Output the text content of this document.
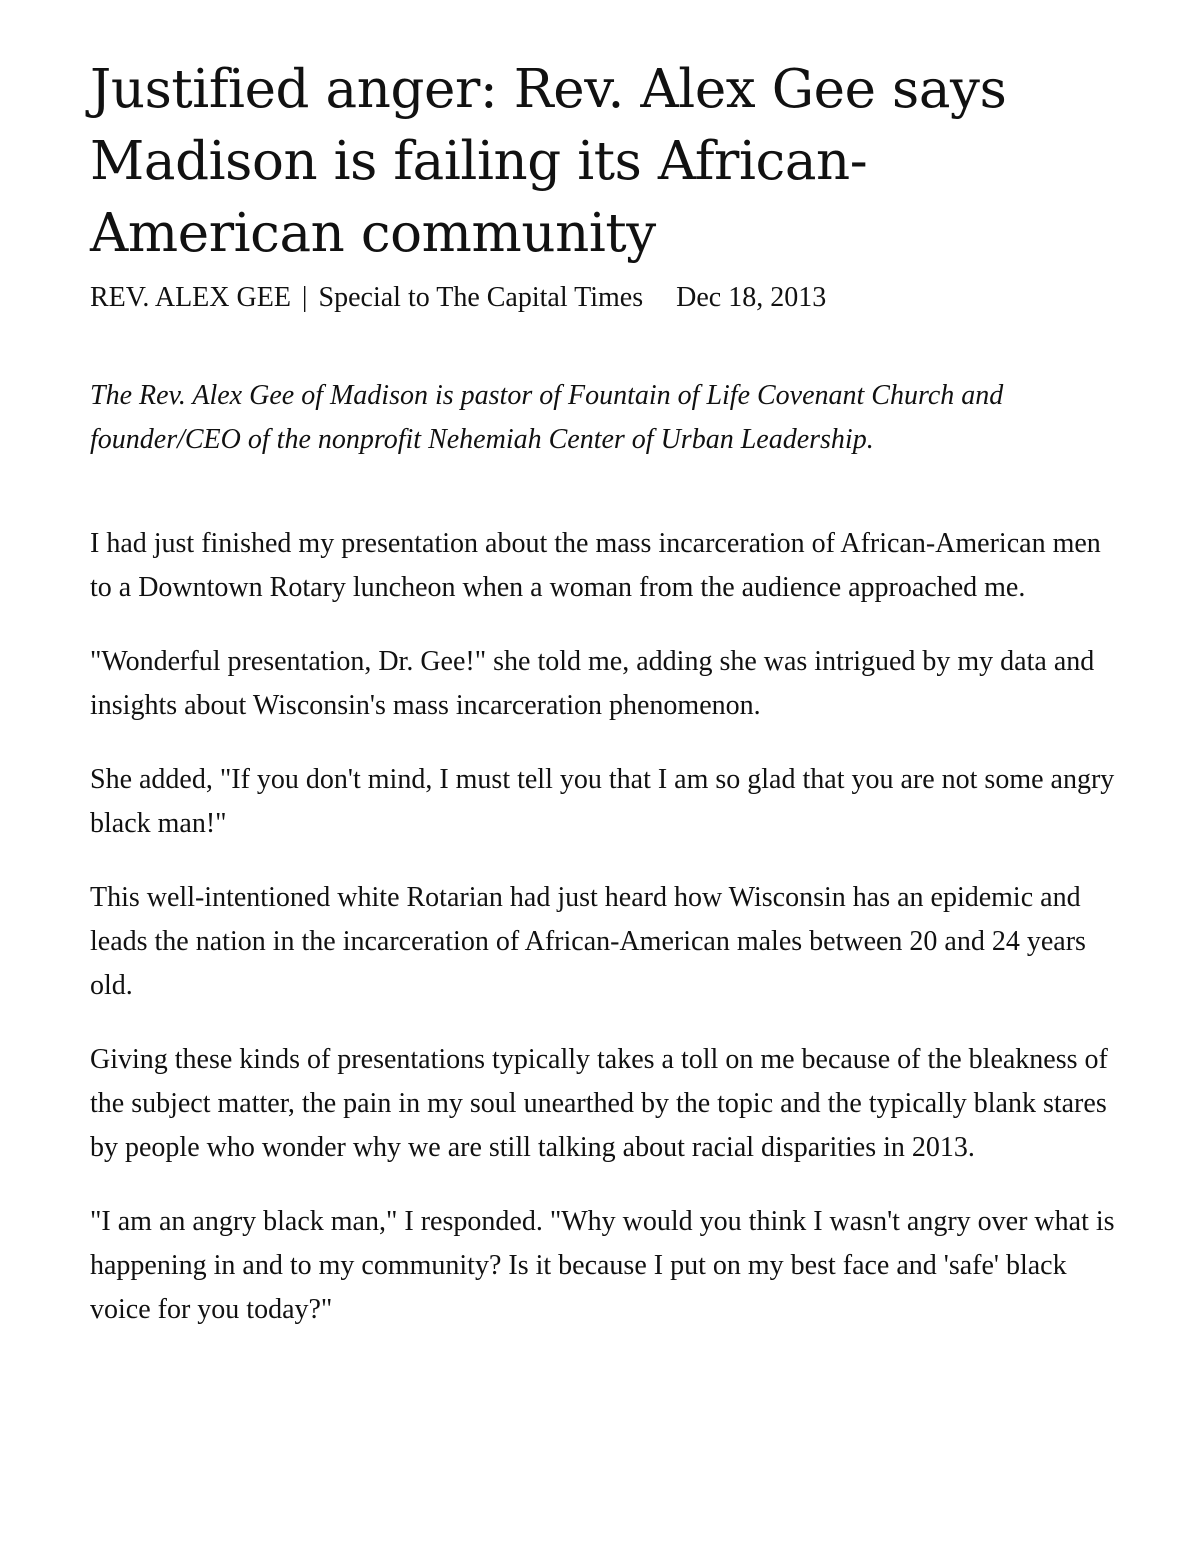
Justified anger: Rev. Alex Gee says Madison is failing its African-American community
REV. ALEX GEE | Special to The Capital Times Dec 18, 2013

The Rev. Alex Gee of Madison is pastor of Fountain of Life Covenant Church and founder/CEO of the nonprofit Nehemiah Center of Urban Leadership.

I had just finished my presentation about the mass incarceration of African-American men to a Downtown Rotary luncheon when a woman from the audience approached me.

"Wonderful presentation, Dr. Gee!" she told me, adding she was intrigued by my data and insights about Wisconsin's mass incarceration phenomenon.

She added, "If you don't mind, I must tell you that I am so glad that you are not some angry black man!"

This well-intentioned white Rotarian had just heard how Wisconsin has an epidemic and leads the nation in the incarceration of African-American males between 20 and 24 years old.

Giving these kinds of presentations typically takes a toll on me because of the bleakness of the subject matter, the pain in my soul unearthed by the topic and the typically blank stares by people who wonder why we are still talking about racial disparities in 2013.

"I am an angry black man," I responded. "Why would you think I wasn't angry over what is happening in and to my community? Is it because I put on my best face and 'safe' black voice for you today?"
